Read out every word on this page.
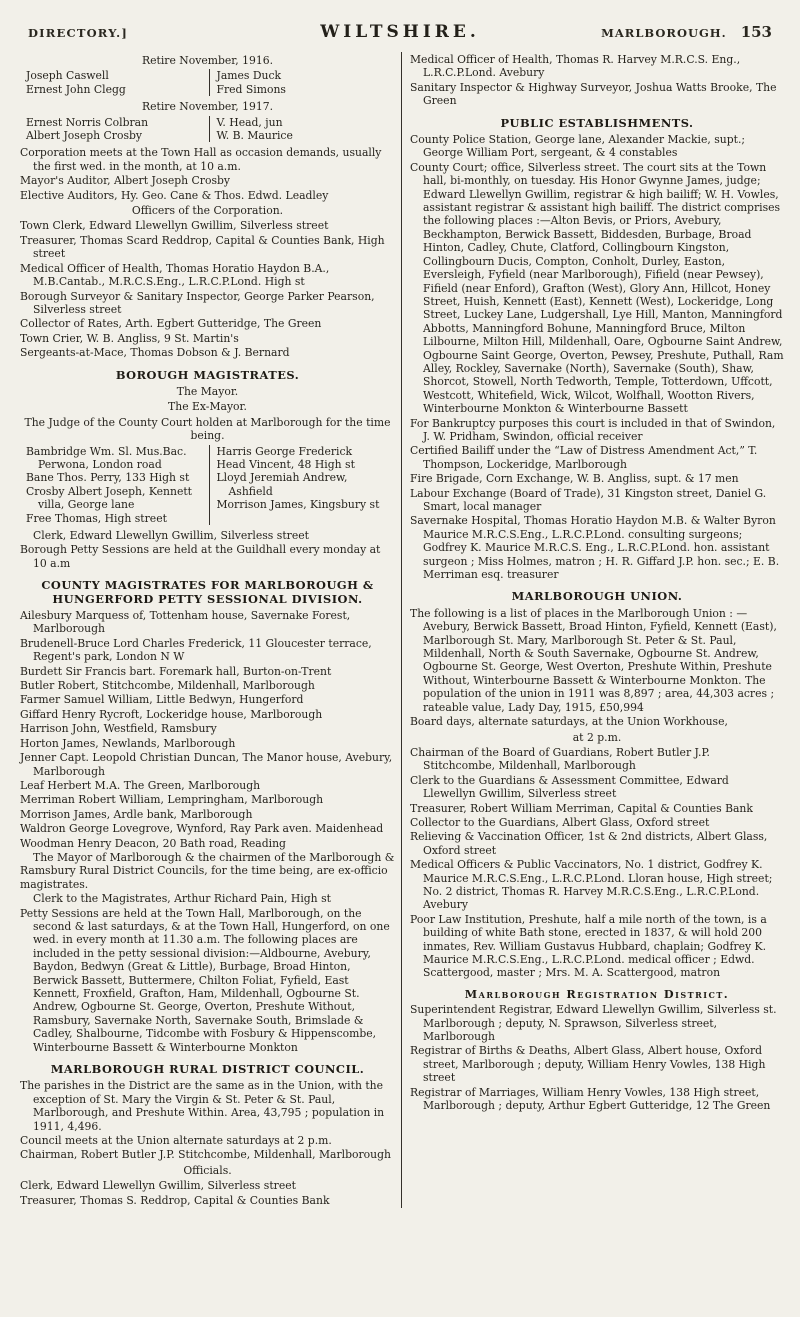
DIRECTORY.]	WILTSHIRE.	MARLBOROUGH. 153
Retire November, 1916.
Joseph Caswell
Ernest John Clegg
James Duck
Fred Simons
Retire November, 1917.
Ernest Norris Colbran
Albert Joseph Crosby
V. Head, jun
W. B. Maurice
Corporation meets at the Town Hall as occasion demands, usually the first wed. in the month, at 10 a.m.
Mayor's Auditor, Albert Joseph Crosby
Elective Auditors, Hy. Geo. Cane & Thos. Edwd. Leadley
Officers of the Corporation.
Town Clerk, Edward Llewellyn Gwillim, Silverless street
Treasurer, Thomas Scard Reddrop, Capital & Counties Bank, High street
Medical Officer of Health, Thomas Horatio Haydon B.A., M.B.Cantab., M.R.C.S.Eng., L.R.C.P.Lond. High st
Borough Surveyor & Sanitary Inspector, George Parker Pearson, Silverless street
Collector of Rates, Arth. Egbert Gutteridge, The Green
Town Crier, W. B. Angliss, 9 St. Martin's
Sergeants-at-Mace, Thomas Dobson & J. Bernard
BOROUGH MAGISTRATES.
The Mayor.
The Ex-Mayor.
The Judge of the County Court holden at Marlborough for the time being.
Bambridge Wm. Sl. Mus.Bac. Perwona, London road
Bane Thos. Perry, 133 High st
Crosby Albert Joseph, Kennett villa, George lane
Free Thomas, High street
Harris George Frederick
Head Vincent, 48 High st
Lloyd Jeremiah Andrew, Ashfield
Morrison James, Kingsbury st
Clerk, Edward Llewellyn Gwillim, Silverless street
Borough Petty Sessions are held at the Guildhall every monday at 10 a.m
COUNTY MAGISTRATES FOR MARLBOROUGH & HUNGERFORD PETTY SESSIONAL DIVISION.
Ailesbury Marquess of, Tottenham house, Savernake Forest, Marlborough
Brudenell-Bruce Lord Charles Frederick, 11 Gloucester terrace, Regent's park, London N W
Burdett Sir Francis bart. Foremark hall, Burton-on-Trent
Butler Robert, Stitchcombe, Mildenhall, Marlborough
Farmer Samuel William, Little Bedwyn, Hungerford
Giffard Henry Rycroft, Lockeridge house, Marlborough
Harrison John, Westfield, Ramsbury
Horton James, Newlands, Marlborough
Jenner Capt. Leopold Christian Duncan, The Manor house, Avebury, Marlborough
Leaf Herbert M.A. The Green, Marlborough
Merriman Robert William, Lempringham, Marlborough
Morrison James, Ardle bank, Marlborough
Waldron George Lovegrove, Wynford, Ray Park aven. Maidenhead
Woodman Henry Deacon, 20 Bath road, Reading
The Mayor of Marlborough & the chairmen of the Marlborough & Ramsbury Rural District Councils, for the time being, are ex-officio magistrates.
Clerk to the Magistrates, Arthur Richard Pain, High st
Petty Sessions are held at the Town Hall, Marlborough, on the second & last saturdays, & at the Town Hall, Hungerford, on one wed. in every month at 11.30 a.m. The following places are included in the petty sessional division:—Aldbourne, Avebury, Baydon, Bedwyn (Great & Little), Burbage, Broad Hinton, Berwick Bassett, Buttermere, Chilton Foliat, Fyfield, East Kennett, Froxfield, Grafton, Ham, Mildenhall, Ogbourne St. Andrew, Ogbourne St. George, Overton, Preshute Without, Ramsbury, Savernake North, Savernake South, Brimslade & Cadley, Shalbourne, Tidcombe with Fosbury & Hippenscombe, Winterbourne Bassett & Winterbourne Monkton
MARLBOROUGH RURAL DISTRICT COUNCIL.
The parishes in the District are the same as in the Union, with the exception of St. Mary the Virgin & St. Peter & St. Paul, Marlborough, and Preshute Within. Area, 43,795 ; population in 1911, 4,496.
Council meets at the Union alternate saturdays at 2 p.m.
Chairman, Robert Butler J.P. Stitchcombe, Mildenhall, Marlborough
Officials.
Clerk, Edward Llewellyn Gwillim, Silverless street
Treasurer, Thomas S. Reddrop, Capital & Counties Bank
Medical Officer of Health, Thomas R. Harvey M.R.C.S. Eng., L.R.C.P.Lond. Avebury
Sanitary Inspector & Highway Surveyor, Joshua Watts Brooke, The Green
PUBLIC ESTABLISHMENTS.
County Police Station, George lane, Alexander Mackie, supt.; George William Port, sergeant, & 4 constables
County Court; office, Silverless street. The court sits at the Town hall, bi-monthly, on tuesday. His Honor Gwynne James, judge; Edward Llewellyn Gwillim, registrar & high bailiff; W. H. Vowles, assistant registrar & assistant high bailiff. The district comprises the following places :—Alton Bevis, or Priors, Avebury, Beckhampton, Berwick Bassett, Biddesden, Burbage, Broad Hinton, Cadley, Chute, Clatford, Collingbourn Kingston, Collingbourn Ducis, Compton, Conholt, Durley, Easton, Eversleigh, Fyfield (near Marlborough), Fifield (near Pewsey), Fifield (near Enford), Grafton (West), Glory Ann, Hillcot, Honey Street, Huish, Kennett (East), Kennett (West), Lockeridge, Long Street, Luckey Lane, Ludgershall, Lye Hill, Manton, Manningford Abbotts, Manningford Bohune, Manningford Bruce, Milton Lilbourne, Milton Hill, Mildenhall, Oare, Ogbourne Saint Andrew, Ogbourne Saint George, Overton, Pewsey, Preshute, Puthall, Ram Alley, Rockley, Savernake (North), Savernake (South), Shaw, Shorcot, Stowell, North Tedworth, Temple, Totterdown, Uffcott, Westcott, Whitefield, Wick, Wilcot, Wolfhall, Wootton Rivers, Winterbourne Monkton & Winterbourne Bassett
For Bankruptcy purposes this court is included in that of Swindon, J. W. Pridham, Swindon, official receiver
Certified Bailiff under the “Law of Distress Amendment Act,” T. Thompson, Lockeridge, Marlborough
Fire Brigade, Corn Exchange, W. B. Angliss, supt. & 17 men
Labour Exchange (Board of Trade), 31 Kingston street, Daniel G. Smart, local manager
Savernake Hospital, Thomas Horatio Haydon M.B. & Walter Byron Maurice M.R.C.S.Eng., L.R.C.P.Lond. consulting surgeons; Godfrey K. Maurice M.R.C.S. Eng., L.R.C.P.Lond. hon. assistant surgeon ; Miss Holmes, matron ; H. R. Giffard J.P. hon. sec.; E. B. Merriman esq. treasurer
MARLBOROUGH UNION.
The following is a list of places in the Marlborough Union : —Avebury, Berwick Bassett, Broad Hinton, Fyfield, Kennett (East), Marlborough St. Mary, Marlborough St. Peter & St. Paul, Mildenhall, North & South Savernake, Ogbourne St. Andrew, Ogbourne St. George, West Overton, Preshute Within, Preshute Without, Winterbourne Bassett & Winterbourne Monkton. The population of the union in 1911 was 8,897 ; area, 44,303 acres ; rateable value, Lady Day, 1915, £50,994
Board days, alternate saturdays, at the Union Workhouse,
at 2 p.m.
Chairman of the Board of Guardians, Robert Butler J.P. Stitchcombe, Mildenhall, Marlborough
Clerk to the Guardians & Assessment Committee, Edward Llewellyn Gwillim, Silverless street
Treasurer, Robert William Merriman, Capital & Counties Bank
Collector to the Guardians, Albert Glass, Oxford street
Relieving & Vaccination Officer, 1st & 2nd districts, Albert Glass, Oxford street
Medical Officers & Public Vaccinators, No. 1 district, Godfrey K. Maurice M.R.C.S.Eng., L.R.C.P.Lond. Lloran house, High street; No. 2 district, Thomas R. Harvey M.R.C.S.Eng., L.R.C.P.Lond. Avebury
Poor Law Institution, Preshute, half a mile north of the town, is a building of white Bath stone, erected in 1837, & will hold 200 inmates, Rev. William Gustavus Hubbard, chaplain; Godfrey K. Maurice M.R.C.S.Eng., L.R.C.P.Lond. medical officer ; Edwd. Scattergood, master ; Mrs. M. A. Scattergood, matron
Marlborough Registration District.
Superintendent Registrar, Edward Llewellyn Gwillim, Silverless st. Marlborough ; deputy, N. Sprawson, Silverless street, Marlborough
Registrar of Births & Deaths, Albert Glass, Albert house, Oxford street, Marlborough ; deputy, William Henry Vowles, 138 High street
Registrar of Marriages, William Henry Vowles, 138 High street, Marlborough ; deputy, Arthur Egbert Gutteridge, 12 The Green
